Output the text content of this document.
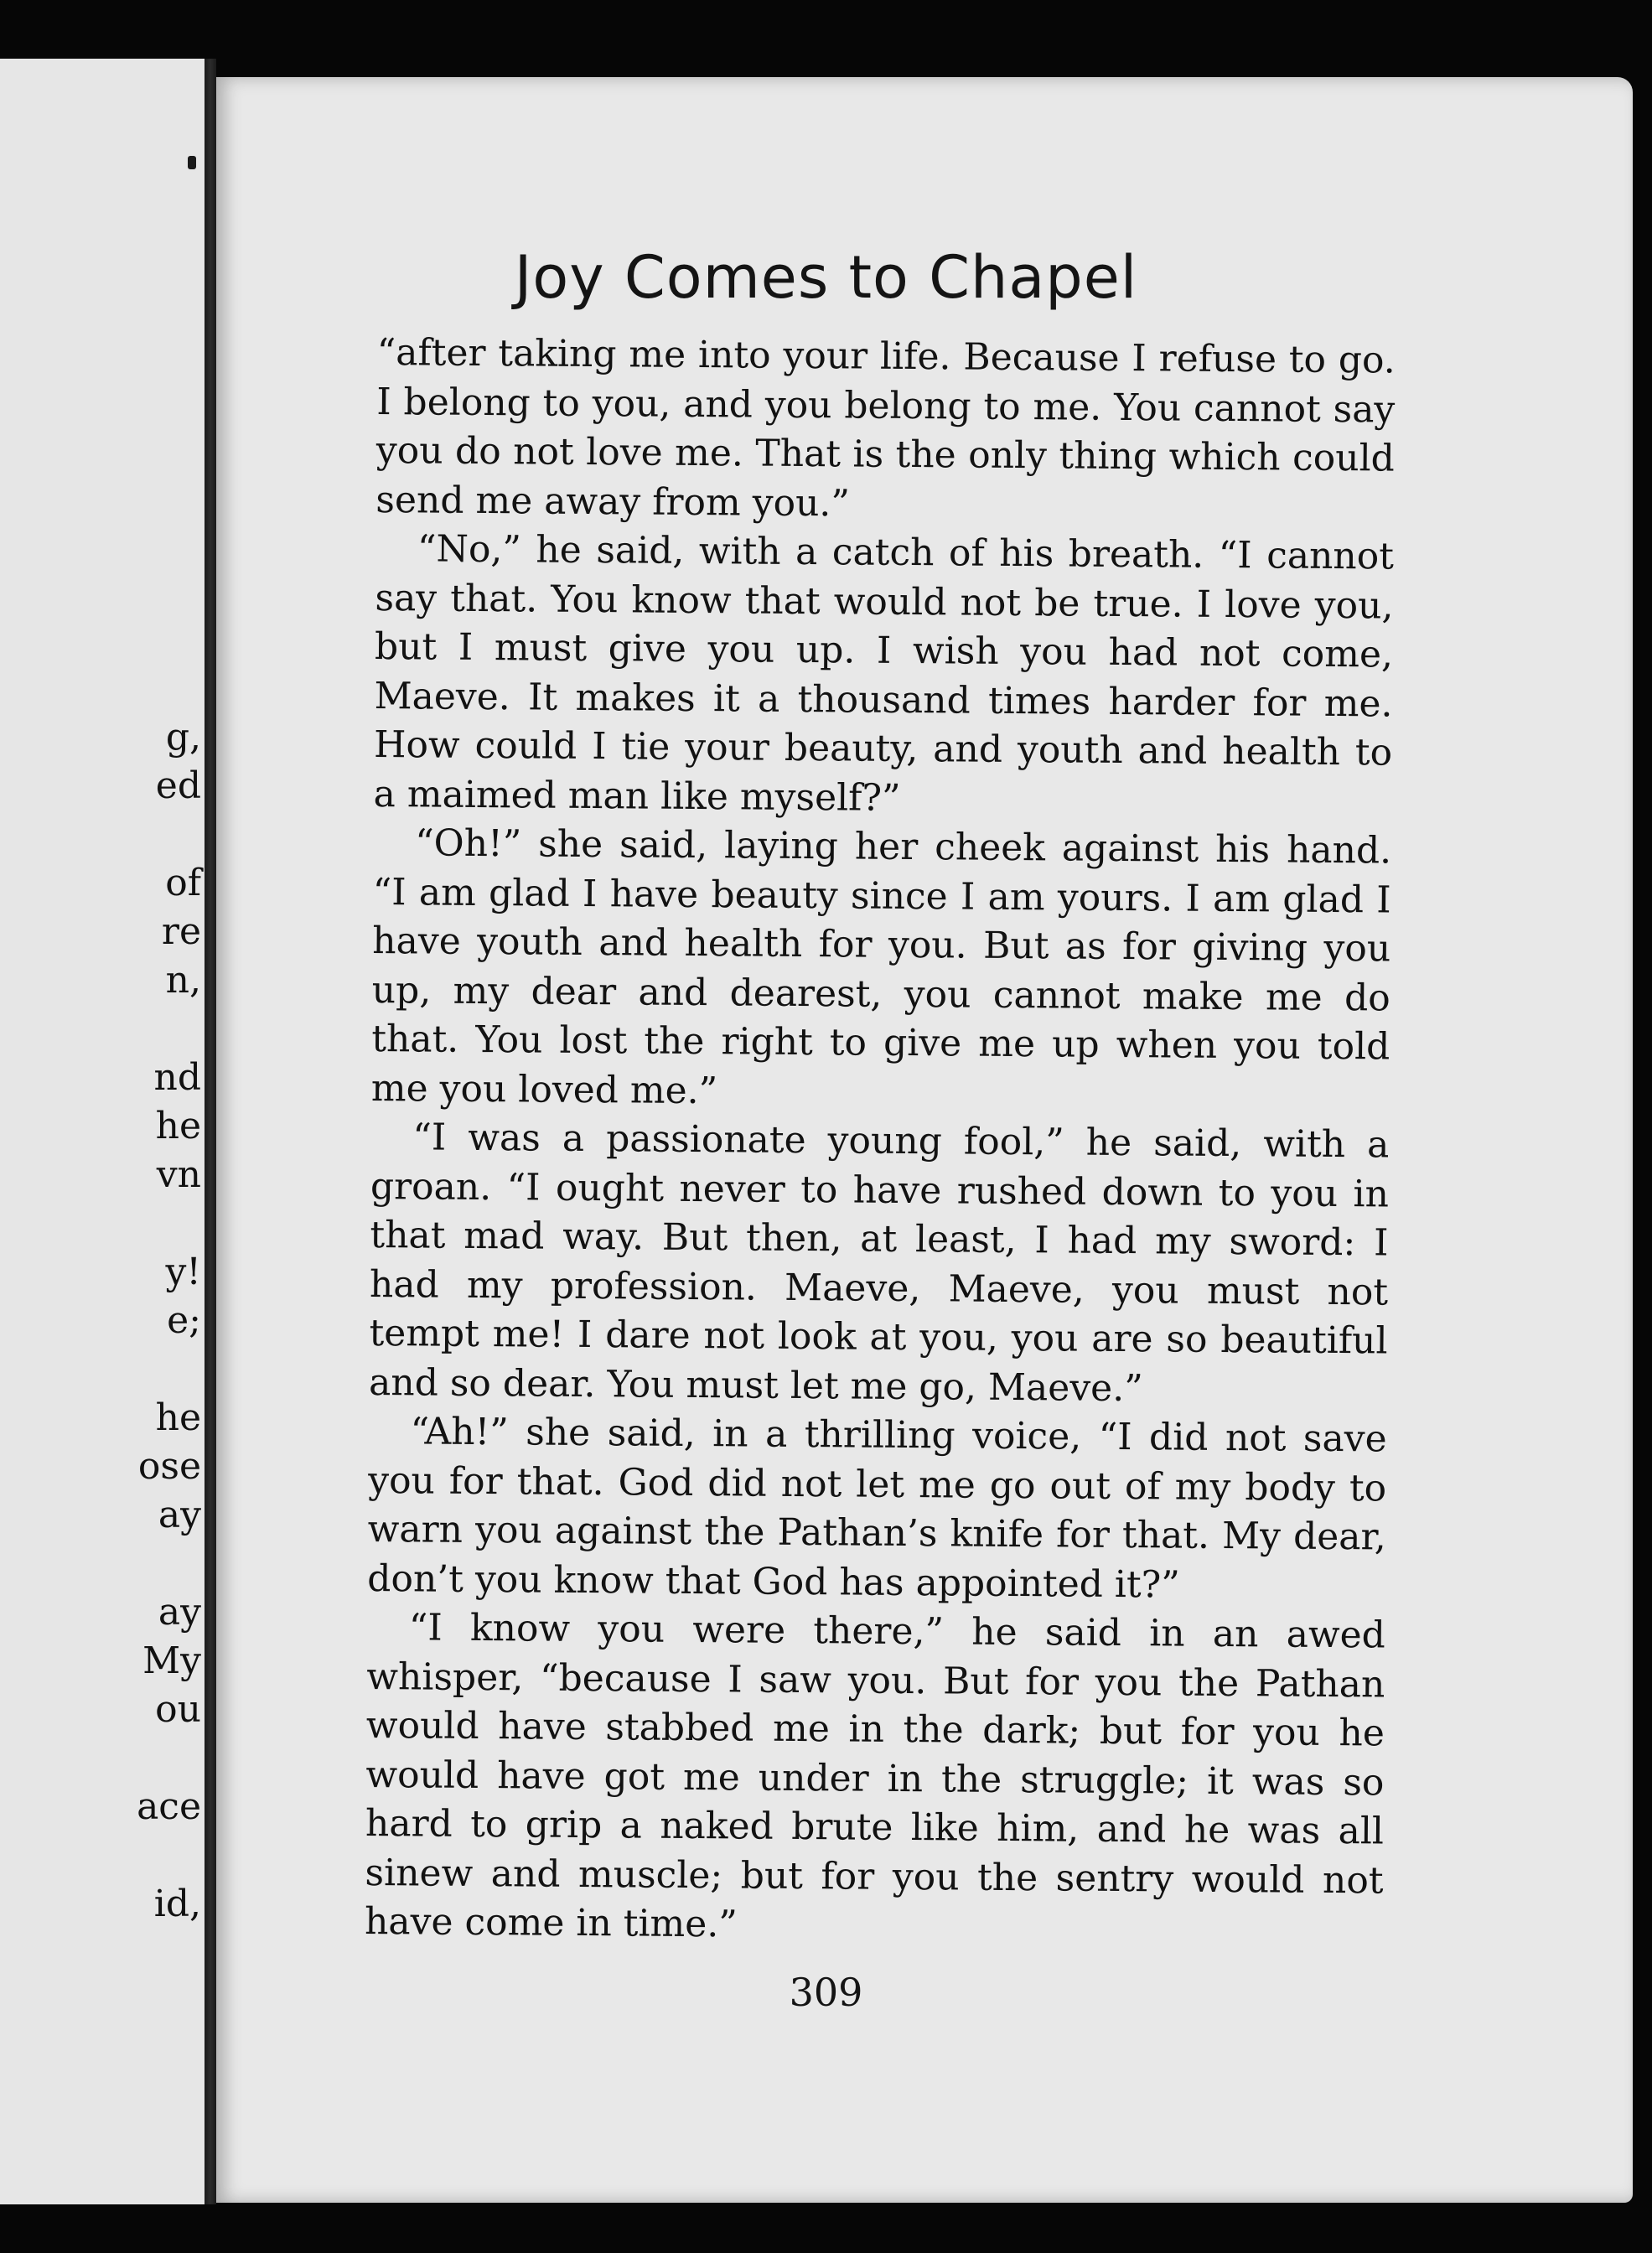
g,
ed
of
re
n,
nd
he
vn
y!
e;
he
ose
ay
ay
My
ou
ace
id,
Joy Comes to Chapel

“after taking me into your life. Because I refuse to go. I belong to you, and you belong to me. You cannot say you do not love me. That is the only thing which could send me away from you.”

“No,” he said, with a catch of his breath. “I cannot say that. You know that would not be true. I love you, but I must give you up. I wish you had not come, Maeve. It makes it a thousand times harder for me. How could I tie your beauty, and youth and health to a maimed man like myself?”

“Oh!” she said, laying her cheek against his hand. “I am glad I have beauty since I am yours. I am glad I have youth and health for you. But as for giving you up, my dear and dearest, you cannot make me do that. You lost the right to give me up when you told me you loved me.”

“I was a passionate young fool,” he said, with a groan. “I ought never to have rushed down to you in that mad way. But then, at least, I had my sword: I had my profession. Maeve, Maeve, you must not tempt me! I dare not look at you, you are so beautiful and so dear. You must let me go, Maeve.”

“Ah!” she said, in a thrilling voice, “I did not save you for that. God did not let me go out of my body to warn you against the Pathan’s knife for that. My dear, don’t you know that God has appointed it?”

“I know you were there,” he said in an awed whisper, “because I saw you. But for you the Pathan would have stabbed me in the dark; but for you he would have got me under in the struggle; it was so hard to grip a naked brute like him, and he was all sinew and muscle; but for you the sentry would not have come in time.”

309
